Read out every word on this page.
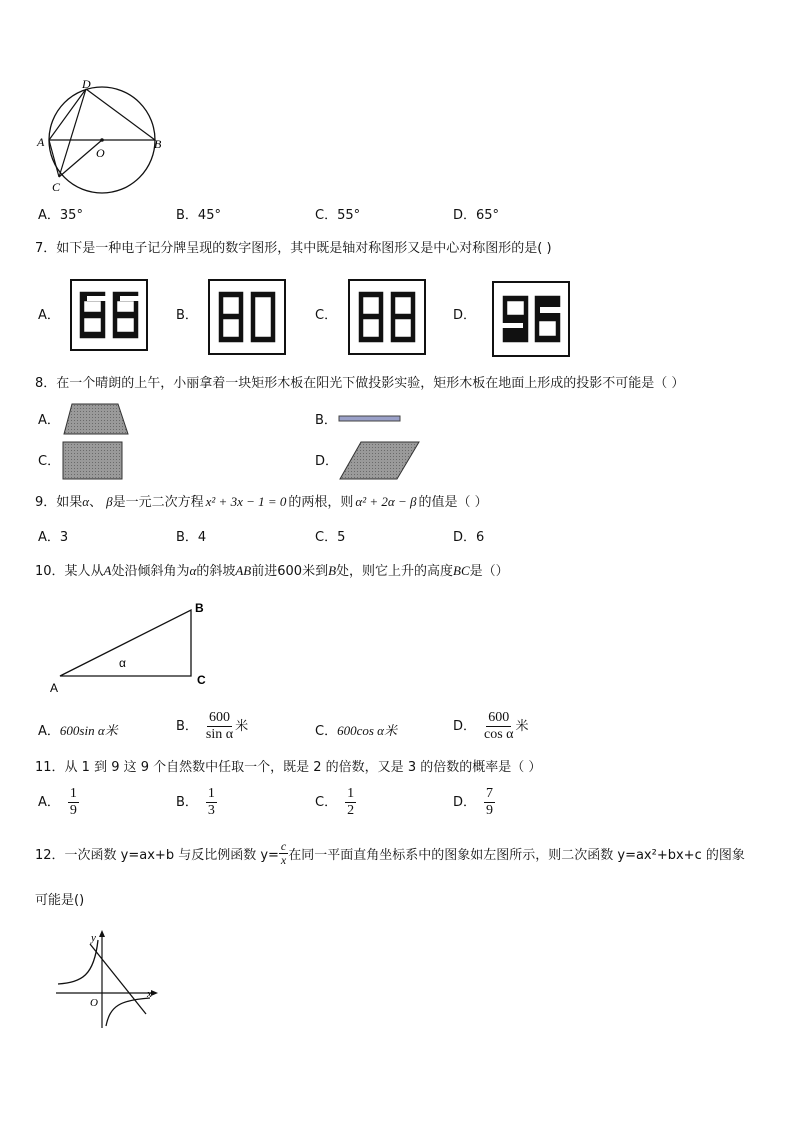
D
A	B
O
C
A．35°	B．45°	C．55°	D．65°
7．如下是一种电子记分牌呈现的数字图形，其中既是轴对称图形又是中心对称图形的是( )
A．	B．	C．	D．
8．在一个晴朗的上午，小丽拿着一块矩形木板在阳光下做投影实验，矩形木板在地面上形成的投影不可能是（ ）
A．	B．
C．	D．
9．如果α、 β是一元二次方程 x² + 3x − 1 = 0 的两根，则 α² + 2α − β 的值是（ ）
A．3	B．4	C．5	D．6
10．某人从A处沿倾斜角为α的斜坡AB前进600米到B处，则它上升的高度BC是（）
B
C
A
α
A．600sin α米	B． $\frac{600}{\text{sin α}}$ 米	C．600cos α米	D． $\frac{600}{\text{cos α}}$ 米
11．从 1 到 9 这 9 个自然数中任取一个，既是 2 的倍数，又是 3 的倍数的概率是（ ）
A． $\frac{1}{9}$	B． $\frac{1}{3}$	C． $\frac{1}{2}$	D． $\frac{7}{9}$
12．一次函数 y=ax+b 与反比例函数 $y= \frac{c}{x}$ 在同一平面直角坐标系中的图象如左图所示，则二次函数 y=ax²+bx+c 的图象
可能是()
y
x
O
